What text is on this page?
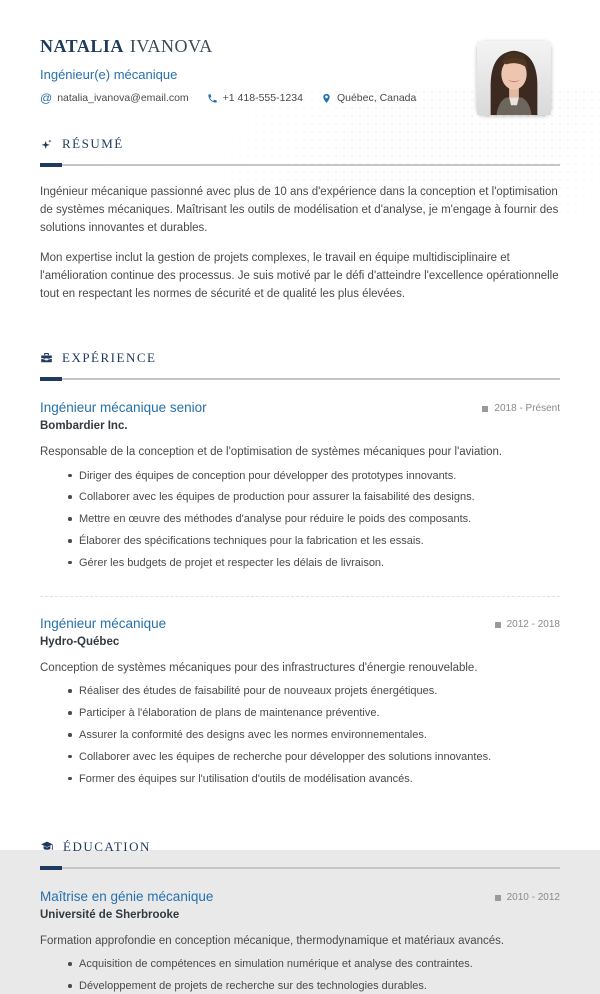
NATALIA IVANOVA
Ingénieur(e) mécanique
@ natalia_ivanova@email.com	+1 418-555-1234	Québec, Canada
RÉSUMÉ

Ingénieur mécanique passionné avec plus de 10 ans d'expérience dans la conception et l'optimisation de systèmes mécaniques. Maîtrisant les outils de modélisation et d'analyse, je m'engage à fournir des solutions innovantes et durables.

Mon expertise inclut la gestion de projets complexes, le travail en équipe multidisciplinaire et l'amélioration continue des processus. Je suis motivé par le défi d'atteindre l'excellence opérationnelle tout en respectant les normes de sécurité et de qualité les plus élevées.

EXPÉRIENCE
Ingénieur mécanique senior	2018 - Présent
Bombardier Inc.

Responsable de la conception et de l'optimisation de systèmes mécaniques pour l'aviation.

Diriger des équipes de conception pour développer des prototypes innovants.
Collaborer avec les équipes de production pour assurer la faisabilité des designs.
Mettre en œuvre des méthodes d'analyse pour réduire le poids des composants.
Élaborer des spécifications techniques pour la fabrication et les essais.
Gérer les budgets de projet et respecter les délais de livraison.
Ingénieur mécanique	2012 - 2018
Hydro-Québec

Conception de systèmes mécaniques pour des infrastructures d'énergie renouvelable.

Réaliser des études de faisabilité pour de nouveaux projets énergétiques.
Participer à l'élaboration de plans de maintenance préventive.
Assurer la conformité des designs avec les normes environnementales.
Collaborer avec les équipes de recherche pour développer des solutions innovantes.
Former des équipes sur l'utilisation d'outils de modélisation avancés.
ÉDUCATION
Maîtrise en génie mécanique	2010 - 2012
Université de Sherbrooke

Formation approfondie en conception mécanique, thermodynamique et matériaux avancés.

Acquisition de compétences en simulation numérique et analyse des contraintes.
Développement de projets de recherche sur des technologies durables.
